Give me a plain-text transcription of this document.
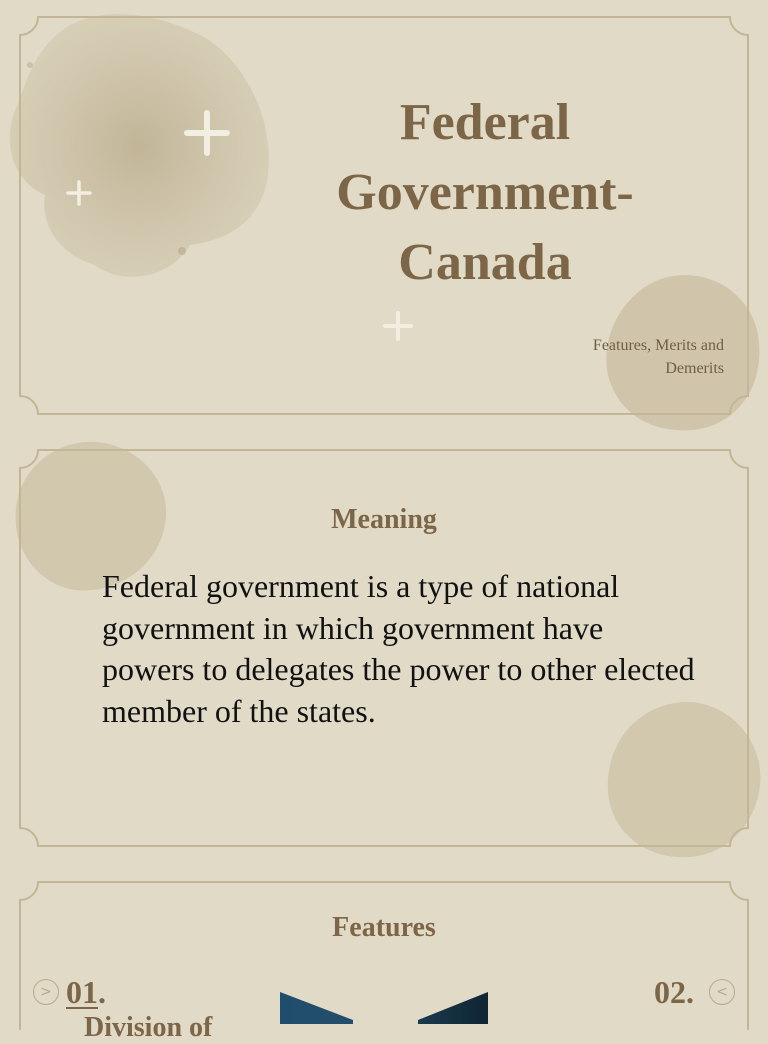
Federal
Government-
Canada
Features, Merits and Demerits
Meaning
Federal government is a type of national government in which government have powers to delegates the power to other elected member of the states.
Features
> 01.	02.	<
Division of
